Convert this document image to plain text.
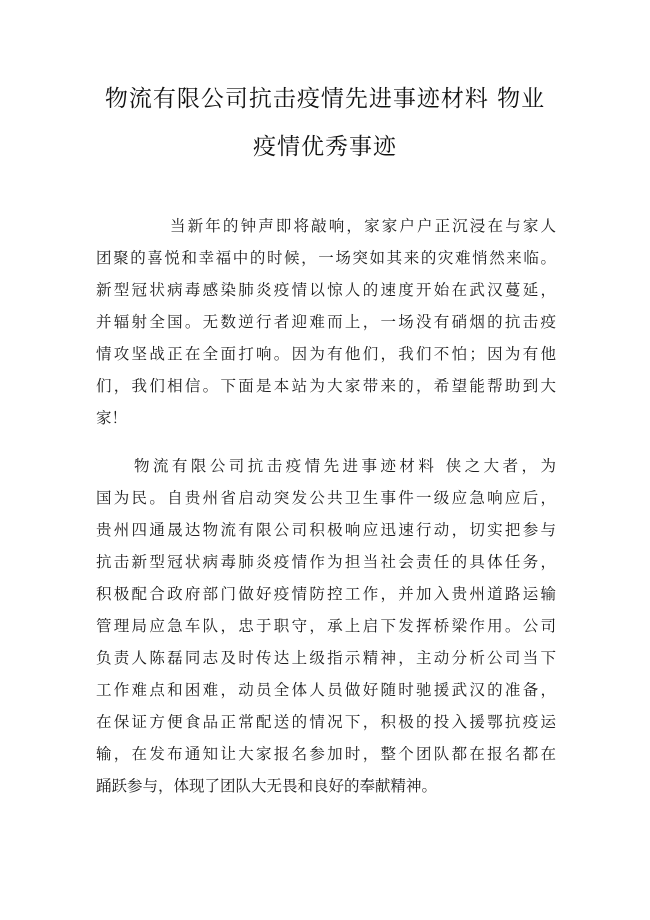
物流有限公司抗击疫情先进事迹材料 物业
疫情优秀事迹
当新年的钟声即将敲响，家家户户正沉浸在与家人
团聚的喜悦和幸福中的时候，一场突如其来的灾难悄然来临。
新型冠状病毒感染肺炎疫情以惊人的速度开始在武汉蔓延，
并辐射全国。无数逆行者迎难而上，一场没有硝烟的抗击疫
情攻坚战正在全面打响。因为有他们，我们不怕；因为有他
们，我们相信。下面是本站为大家带来的，希望能帮助到大
家！
物流有限公司抗击疫情先进事迹材料 侠之大者，为
国为民。自贵州省启动突发公共卫生事件一级应急响应后，
贵州四通晟达物流有限公司积极响应迅速行动，切实把参与
抗击新型冠状病毒肺炎疫情作为担当社会责任的具体任务，
积极配合政府部门做好疫情防控工作，并加入贵州道路运输
管理局应急车队，忠于职守，承上启下发挥桥梁作用。公司
负责人陈磊同志及时传达上级指示精神，主动分析公司当下
工作难点和困难，动员全体人员做好随时驰援武汉的准备，
在保证方便食品正常配送的情况下，积极的投入援鄂抗疫运
输，在发布通知让大家报名参加时，整个团队都在报名都在
踊跃参与，体现了团队大无畏和良好的奉献精神。
